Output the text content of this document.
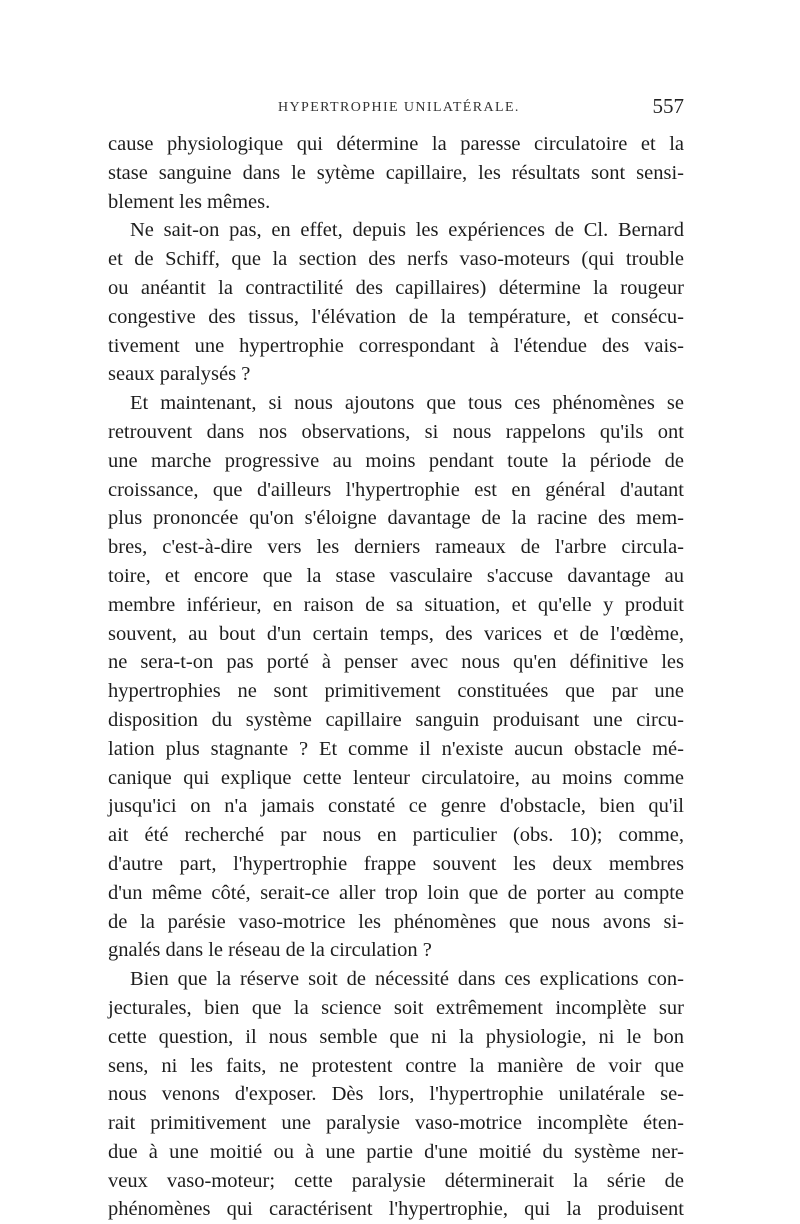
HYPERTROPHIE UNILATÉRALE.	557
cause physiologique qui détermine la paresse circulatoire et la
stase sanguine dans le sytème capillaire, les résultats sont sensi-
blement les mêmes.
Ne sait-on pas, en effet, depuis les expériences de Cl. Bernard
et de Schiff, que la section des nerfs vaso-moteurs (qui trouble
ou anéantit la contractilité des capillaires) détermine la rougeur
congestive des tissus, l'élévation de la température, et consécu-
tivement une hypertrophie correspondant à l'étendue des vais-
seaux paralysés ?
Et maintenant, si nous ajoutons que tous ces phénomènes se
retrouvent dans nos observations, si nous rappelons qu'ils ont
une marche progressive au moins pendant toute la période de
croissance, que d'ailleurs l'hypertrophie est en général d'autant
plus prononcée qu'on s'éloigne davantage de la racine des mem-
bres, c'est-à-dire vers les derniers rameaux de l'arbre circula-
toire, et encore que la stase vasculaire s'accuse davantage au
membre inférieur, en raison de sa situation, et qu'elle y produit
souvent, au bout d'un certain temps, des varices et de l'œdème,
ne sera-t-on pas porté à penser avec nous qu'en définitive les
hypertrophies ne sont primitivement constituées que par une
disposition du système capillaire sanguin produisant une circu-
lation plus stagnante ? Et comme il n'existe aucun obstacle mé-
canique qui explique cette lenteur circulatoire, au moins comme
jusqu'ici on n'a jamais constaté ce genre d'obstacle, bien qu'il
ait été recherché par nous en particulier (obs. 10); comme,
d'autre part, l'hypertrophie frappe souvent les deux membres
d'un même côté, serait-ce aller trop loin que de porter au compte
de la parésie vaso-motrice les phénomènes que nous avons si-
gnalés dans le réseau de la circulation ?
Bien que la réserve soit de nécessité dans ces explications con-
jecturales, bien que la science soit extrêmement incomplète sur
cette question, il nous semble que ni la physiologie, ni le bon
sens, ni les faits, ne protestent contre la manière de voir que
nous venons d'exposer. Dès lors, l'hypertrophie unilatérale se-
rait primitivement une paralysie vaso-motrice incomplète éten-
due à une moitié ou à une partie d'une moitié du système ner-
veux vaso-moteur; cette paralysie déterminerait la série de
phénomènes qui caractérisent l'hypertrophie, qui la produisent
